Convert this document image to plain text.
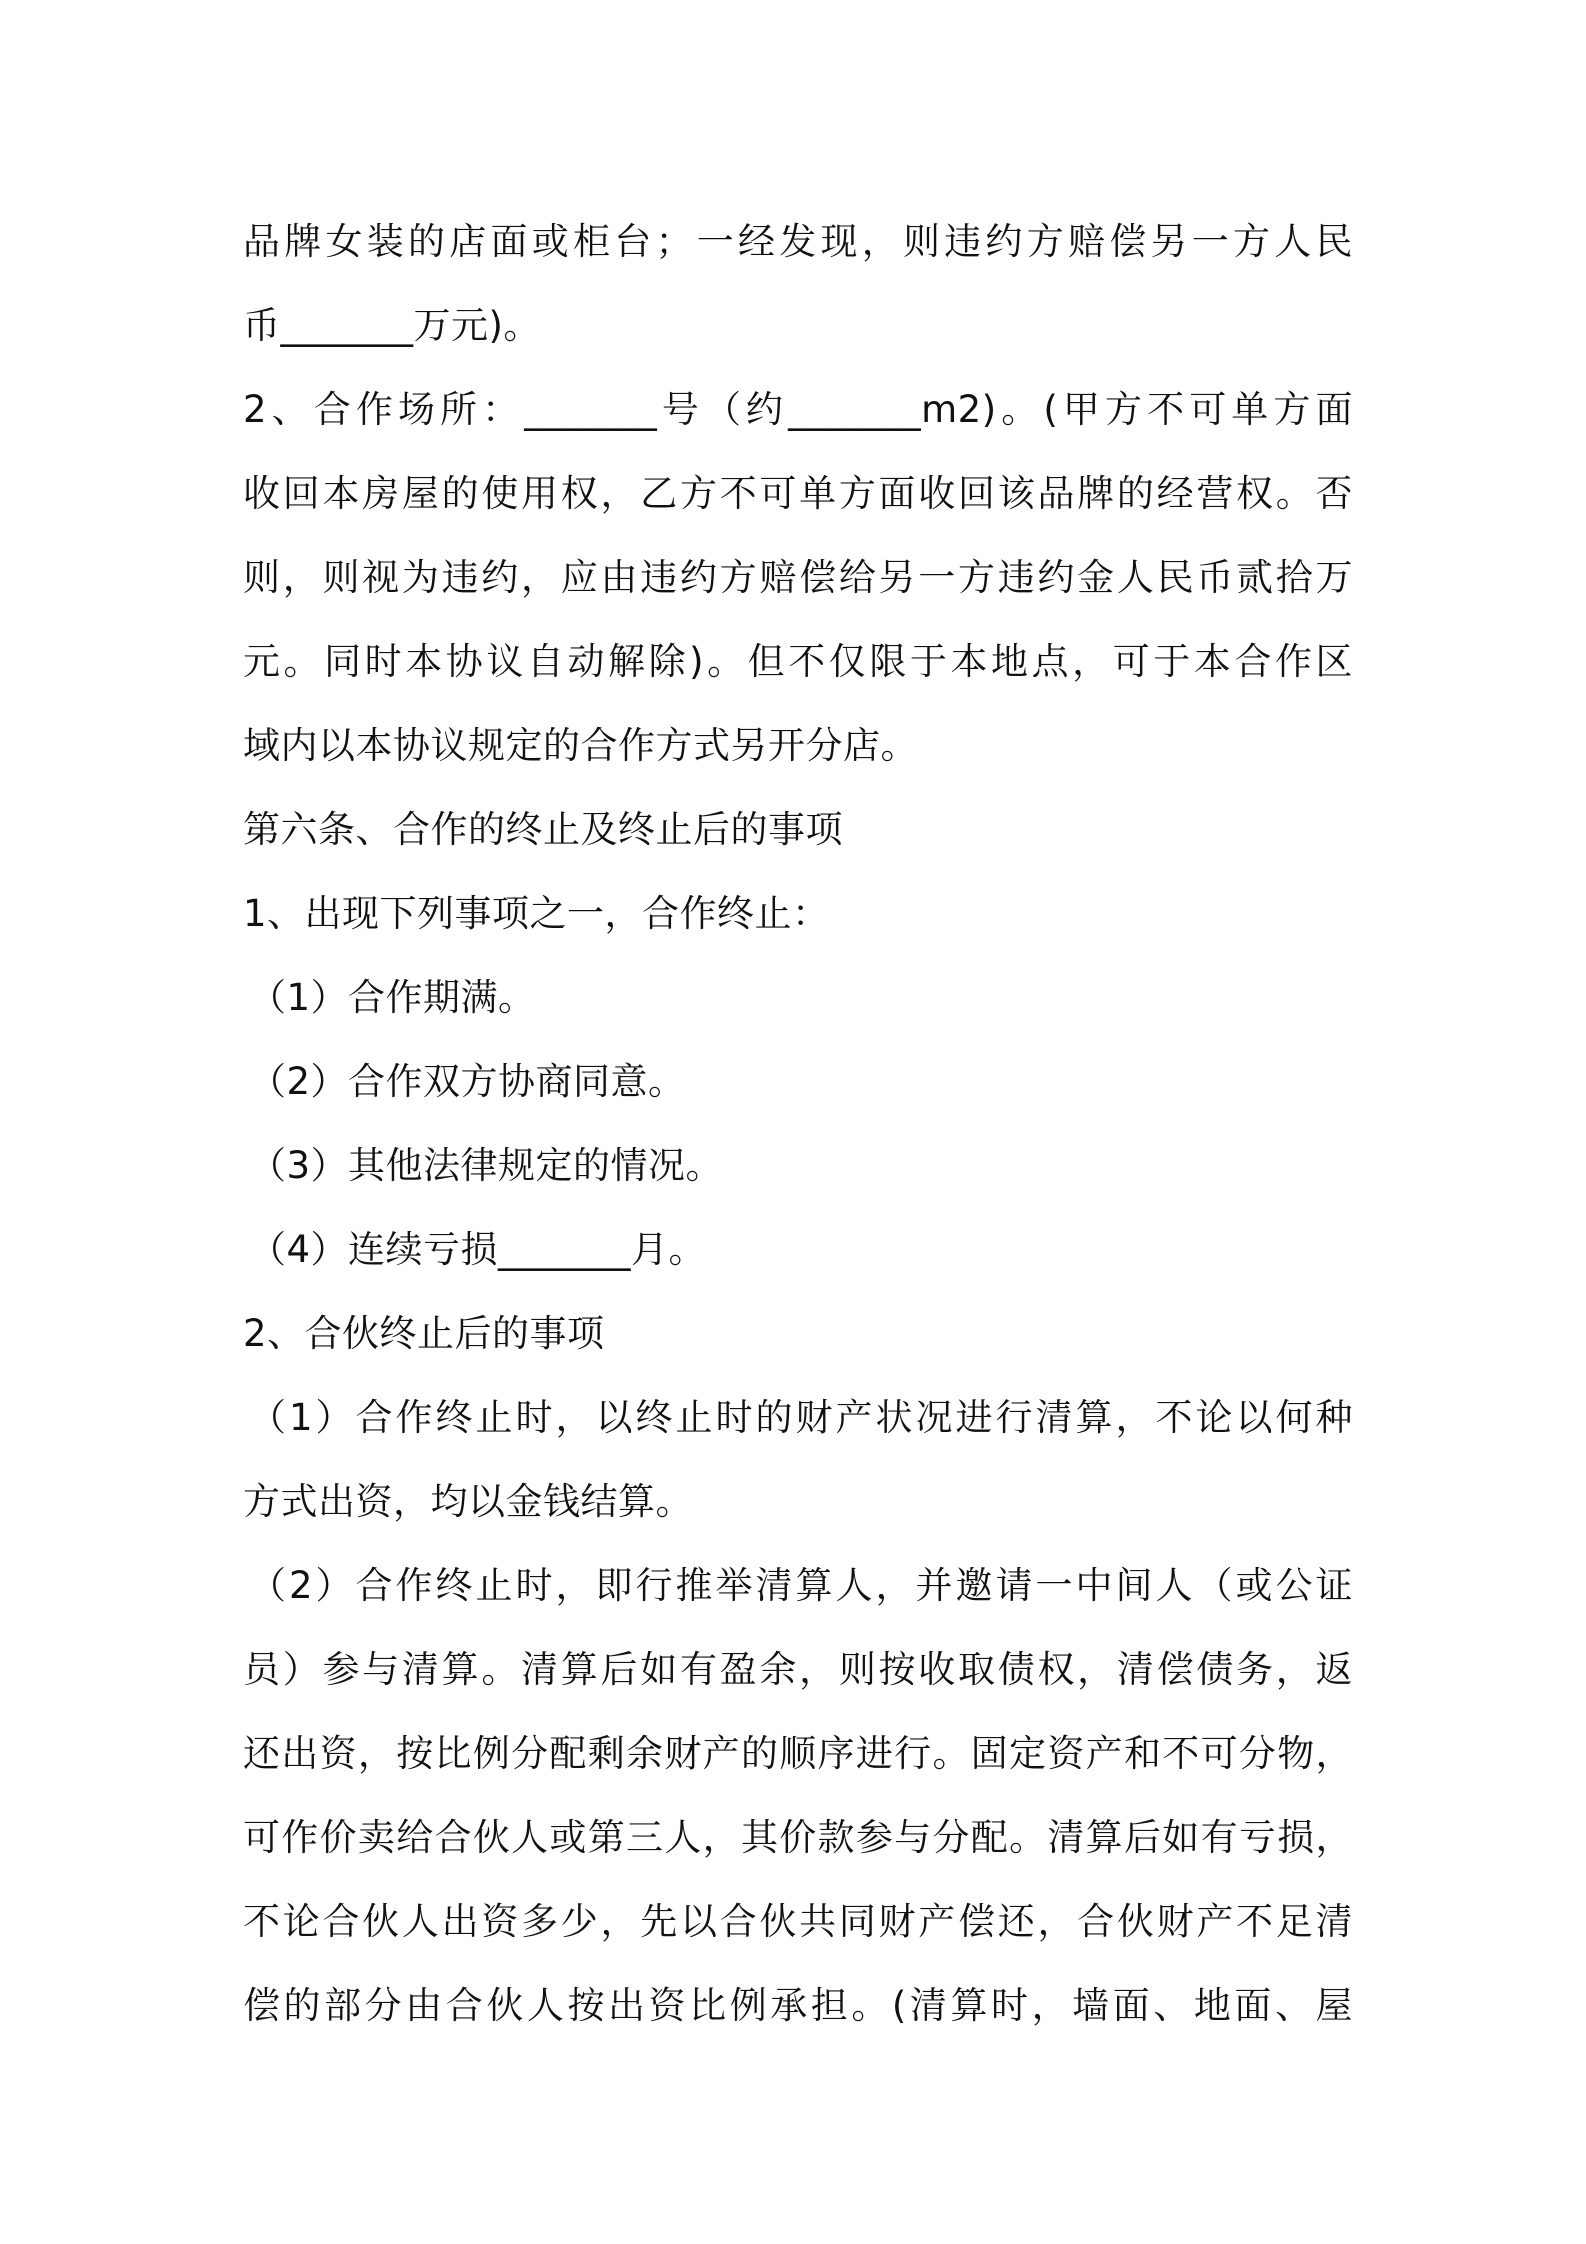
品牌女装的店面或柜台；一经发现，则违约方赔偿另一方人民
币_______万元)。
2、合作场所：_______号（约_______m2)。(甲方不可单方面
收回本房屋的使用权，乙方不可单方面收回该品牌的经营权。否
则，则视为违约，应由违约方赔偿给另一方违约金人民币贰拾万
元。同时本协议自动解除)。但不仅限于本地点，可于本合作区
域内以本协议规定的合作方式另开分店。
第六条、合作的终止及终止后的事项
1、出现下列事项之一，合作终止：
（1）合作期满。
（2）合作双方协商同意。
（3）其他法律规定的情况。
（4）连续亏损_______月。
2、合伙终止后的事项
（1）合作终止时，以终止时的财产状况进行清算，不论以何种
方式出资，均以金钱结算。
（2）合作终止时，即行推举清算人，并邀请一中间人（或公证
员）参与清算。清算后如有盈余，则按收取债权，清偿债务，返
还出资，按比例分配剩余财产的顺序进行。固定资产和不可分物，
可作价卖给合伙人或第三人，其价款参与分配。清算后如有亏损，
不论合伙人出资多少，先以合伙共同财产偿还，合伙财产不足清
偿的部分由合伙人按出资比例承担。(清算时，墙面、地面、屋
